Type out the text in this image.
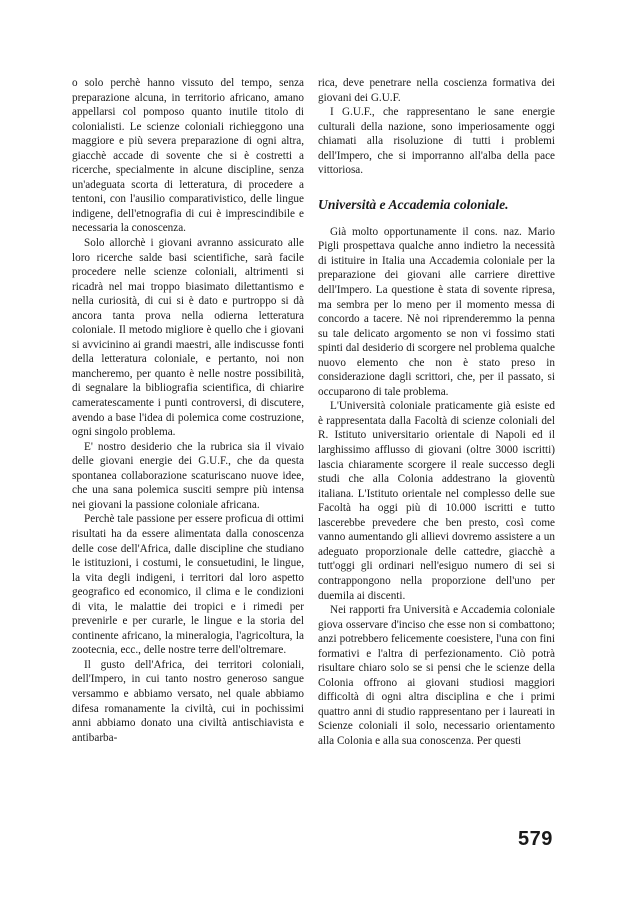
o solo perchè hanno vissuto del tempo, senza preparazione alcuna, in territorio africano, amano appellarsi col pomposo quanto inutile titolo di colonialisti. Le scienze coloniali richieggono una maggiore e più severa preparazione di ogni altra, giacchè accade di sovente che si è costretti a ricerche, specialmente in alcune discipline, senza un'adeguata scorta di letteratura, di procedere a tentoni, con l'ausilio comparativistico, delle lingue indigene, dell'etnografia di cui è imprescindibile e necessaria la conoscenza.

Solo allorchè i giovani avranno assicurato alle loro ricerche salde basi scientifiche, sarà facile procedere nelle scienze coloniali, altrimenti si ricadrà nel mai troppo biasimato dilettantismo e nella curiosità, di cui si è dato e purtroppo si dà ancora tanta prova nella odierna letteratura coloniale. Il metodo migliore è quello che i giovani si avvicinino ai grandi maestri, alle indiscusse fonti della letteratura coloniale, e pertanto, noi non mancheremo, per quanto è nelle nostre possibilità, di segnalare la bibliografia scientifica, di chiarire cameratescamente i punti controversi, di discutere, avendo a base l'idea di polemica come costruzione, ogni singolo problema.

E' nostro desiderio che la rubrica sia il vivaio delle giovani energie dei G.U.F., che da questa spontanea collaborazione scaturiscano nuove idee, che una sana polemica susciti sempre più intensa nei giovani la passione coloniale africana.

Perchè tale passione per essere proficua di ottimi risultati ha da essere alimentata dalla conoscenza delle cose dell'Africa, dalle discipline che studiano le istituzioni, i costumi, le consuetudini, le lingue, la vita degli indigeni, i territori dal loro aspetto geografico ed economico, il clima e le condizioni di vita, le malattie dei tropici e i rimedi per prevenirle e per curarle, le lingue e la storia del continente africano, la mineralogia, l'agricoltura, la zootecnia, ecc., delle nostre terre dell'oltremare.

Il gusto dell'Africa, dei territori coloniali, dell'Impero, in cui tanto nostro generoso sangue versammo e abbiamo versato, nel quale abbiamo difesa romanamente la civiltà, cui in pochissimi anni abbiamo donato una civiltà antischiavista e antibarba-

rica, deve penetrare nella coscienza formativa dei giovani dei G.U.F.

I G.U.F., che rappresentano le sane energie culturali della nazione, sono imperiosamente oggi chiamati alla risoluzione di tutti i problemi dell'Impero, che si imporranno all'alba della pace vittoriosa.

Università e Accademia coloniale.

Già molto opportunamente il cons. naz. Mario Pigli prospettava qualche anno indietro la necessità di istituire in Italia una Accademia coloniale per la preparazione dei giovani alle carriere direttive dell'Impero. La questione è stata di sovente ripresa, ma sembra per lo meno per il momento messa di concordo a tacere. Nè noi riprenderemmo la penna su tale delicato argomento se non vi fossimo stati spinti dal desiderio di scorgere nel problema qualche nuovo elemento che non è stato preso in considerazione dagli scrittori, che, per il passato, si occuparono di tale problema.

L'Università coloniale praticamente già esiste ed è rappresentata dalla Facoltà di scienze coloniali del R. Istituto universitario orientale di Napoli ed il larghissimo afflusso di giovani (oltre 3000 iscritti) lascia chiaramente scorgere il reale successo degli studi che alla Colonia addestrano la gioventù italiana. L'Istituto orientale nel complesso delle sue Facoltà ha oggi più di 10.000 iscritti e tutto lascerebbe prevedere che ben presto, così come vanno aumentando gli allievi dovremo assistere a un adeguato proporzionale delle cattedre, giacchè a tutt'oggi gli ordinari nell'esiguo numero di sei si contrappongono nella proporzione dell'uno per duemila ai discenti.

Nei rapporti fra Università e Accademia coloniale giova osservare d'inciso che esse non si combattono; anzi potrebbero felicemente coesistere, l'una con fini formativi e l'altra di perfezionamento. Ciò potrà risultare chiaro solo se si pensi che le scienze della Colonia offrono ai giovani studiosi maggiori difficoltà di ogni altra disciplina e che i primi quattro anni di studio rappresentano per i laureati in Scienze coloniali il solo, necessario orientamento alla Colonia e alla sua conoscenza. Per questi

579
